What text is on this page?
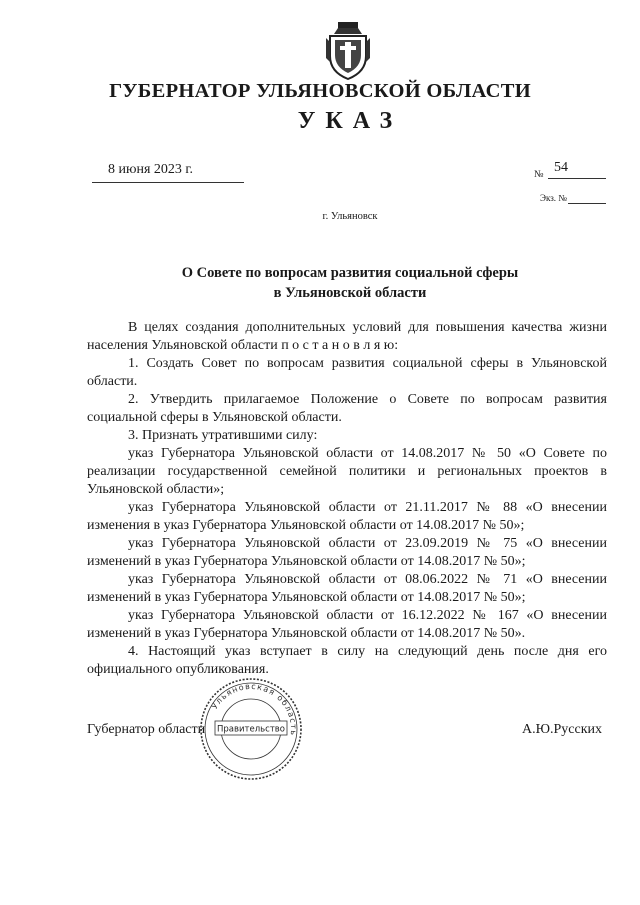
ГУБЕРНАТОР УЛЬЯНОВСКОЙ ОБЛАСТИ
УКАЗ
8 июня 2023 г.	№ 54
Экз. №
г. Ульяновск
О Совете по вопросам развития социальной сферы
в Ульяновской области

В целях создания дополнительных условий для повышения качества жизни населения Ульяновской области п о с т а н о в л я ю:

1. Создать Совет по вопросам развития социальной сферы в Ульяновской области.

2. Утвердить прилагаемое Положение о Совете по вопросам развития социальной сферы в Ульяновской области.

3. Признать утратившими силу:

указ Губернатора Ульяновской области от 14.08.2017 № 50 «О Совете по реализации государственной семейной политики и региональных проектов в Ульяновской области»;

указ Губернатора Ульяновской области от 21.11.2017 № 88 «О внесении изменения в указ Губернатора Ульяновской области от 14.08.2017 № 50»;

указ Губернатора Ульяновской области от 23.09.2019 № 75 «О внесении изменений в указ Губернатора Ульяновской области от 14.08.2017 № 50»;

указ Губернатора Ульяновской области от 08.06.2022 № 71 «О внесении изменений в указ Губернатора Ульяновской области от 14.08.2017 № 50»;

указ Губернатора Ульяновской области от 16.12.2022 № 167 «О внесении изменений в указ Губернатора Ульяновской области от 14.08.2017 № 50».

4. Настоящий указ вступает в силу на следующий день после дня его официального опубликования.

Губернатор области	А.Ю.Русских
Ульяновская область
Правительство
